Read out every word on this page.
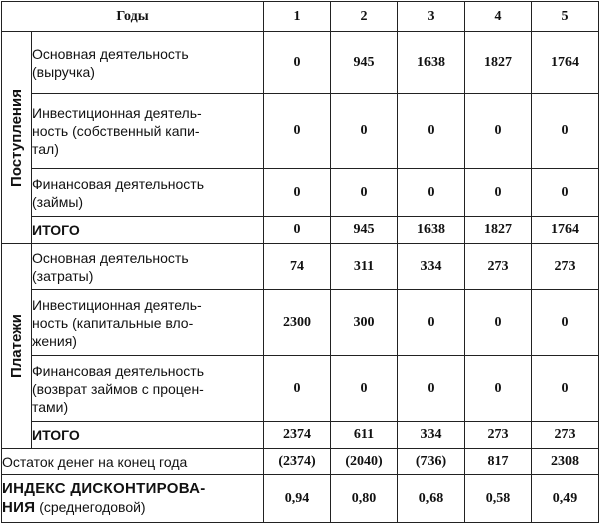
Годы		1	2	3	4	5

Поступления	Основная деятельность
(выручка)	0	945	1638	1827	1764

	Инвестиционная деятель-
ность (собственный капи-
тал)	0	0	0	0	0

	Финансовая деятельность
(займы)	0	0	0	0	0
	ИТОГО	0	945	1638	1827	1764

Платежи	Основная деятельность
(затраты)	74	311	334	273	273

	Инвестиционная деятель-
ность (капитальные вло-
жения)	2300	300	0	0	0

	Финансовая деятельность
(возврат займов с процен-
тами)	0	0	0	0	0
	ИТОГО	2374	611	334	273	273
Остаток денег на конец года		(2374)	(2040)	(736)	817	2308

ИНДЕКС ДИСКОНТИРОВА-
НИЯ (среднегодовой)		0,94	0,80	0,68	0,58	0,49
